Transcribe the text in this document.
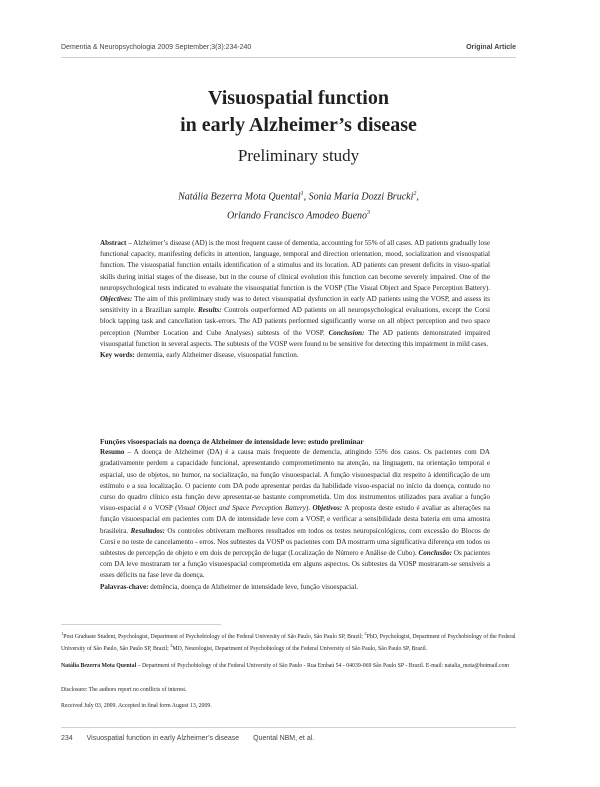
Dementia & Neuropsychologia 2009 September;3(3):234-240	Original Article
Visuospatial function
in early Alzheimer’s disease
Preliminary study
Natália Bezerra Mota Quental$^1$, Sonia Maria Dozzi Brucki$^2$,
Orlando Francisco Amodeo Bueno$^3$
Abstract – Alzheimer’s disease (AD) is the most frequent cause of dementia, accounting for 55% of all cases. AD patients gradually lose functional capacity, manifesting deficits in attention, language, temporal and direction orientation, mood, socialization and visuospatial function. The visuospatial function entails identification of a stimulus and its location. AD patients can present deficits in visuo-spatial skills during initial stages of the disease, but in the course of clinical evolution this function can become severely impaired. One of the neuropsychological tests indicated to evaluate the visuospatial function is the VOSP (The Visual Object and Space Perception Battery). Objectives: The aim of this preliminary study was to detect visuospatial dysfunction in early AD patients using the VOSP, and assess its sensitivity in a Brazilian sample. Results: Controls outperformed AD patients on all neuropsychological evaluations, except the Corsi block tapping task and cancellation task-errors. The AD patients performed significantly worse on all object perception and two space perception (Number Location and Cube Analyses) subtests of the VOSP. Conclusion: The AD patients demonstrated impaired visuospatial function in several aspects. The subtests of the VOSP were found to be sensitive for detecting this impairment in mild cases.
Key words: dementia, early Alzheimer disease, visuospatial function.
Funções visoespaciais na doença de Alzheimer de intensidade leve: estudo preliminar
Resumo – A doença de Alzheimer (DA) é a causa mais frequente de demencia, atingindo 55% dos casos. Os pacientes com DA gradativamente perdem a capacidade funcional, apresentando comprometimento na atenção, na linguagem, na orientação temporal e espacial, uso de objetos, no humor, na socialização, na função visuoespacial. A função visuoespacial diz respeito à identificação de um estímulo e a sua localização. O paciente com DA pode apresentar perdas da habilidade visuo-espacial no início da doença, contudo no curso do quadro clínico esta função deve apresentar-se bastante comprometida. Um dos instrumentos utilizados para avaliar a função visuo-espacial é o VOSP (Visual Object and Space Perception Battery). Objetivos: A proposta deste estudo é avaliar as alterações na função visuoespacial em pacientes com DA de intensidade leve com a VOSP, e verificar a sensibilidade desta bateria em uma amostra brasileira. Resultados: Os controles obtiveram melhores resultados em todos os testes neuropsicológicos, com excessão do Blocos de Corsi e no teste de cancelamento - erros. Nos subtestes da VOSP os pacientes com DA mostrarm uma significativa diferença em todos os subtestes de percepção de objeto e em dois de percepção de lugar (Localização de Número e Análise de Cubo). Conclusão: Os pacientes com DA leve mostraram ter a função visuoespacial comprometida em alguns aspectos. Os subtestes da VOSP mostraram-se sensíveis a esses déficits na fase leve da doença.
Palavras-chave: demência, doença de Alzheimer de intensidade leve, função visoespacial.
$^1$Post Graduate Student, Psychologist, Department of Psychobiology of the Federal University of São Paulo, São Paulo SP, Brazil; $^2$PhD, Psychologist, Department of Psychobiology of the Federal University of São Paulo, São Paulo SP, Brazil; $^3$MD, Neurologist, Department of Psychobiology of the Federal University of São Paulo, São Paulo SP, Brazil.
Natália Bezerra Mota Quental – Department of Psychobiology of the Federal University of São Paulo - Rua Embaú 54 - 04039-069 São Paulo SP - Brazil. E-mail: natalia_mota@hotmail.com
Disclosure: The authors report no conflicts of interest.
Received July 03, 2009. Accepted in final form August 13, 2009.
234 Visuospatial function in early Alzheimer’s disease Quental NBM, et al.
